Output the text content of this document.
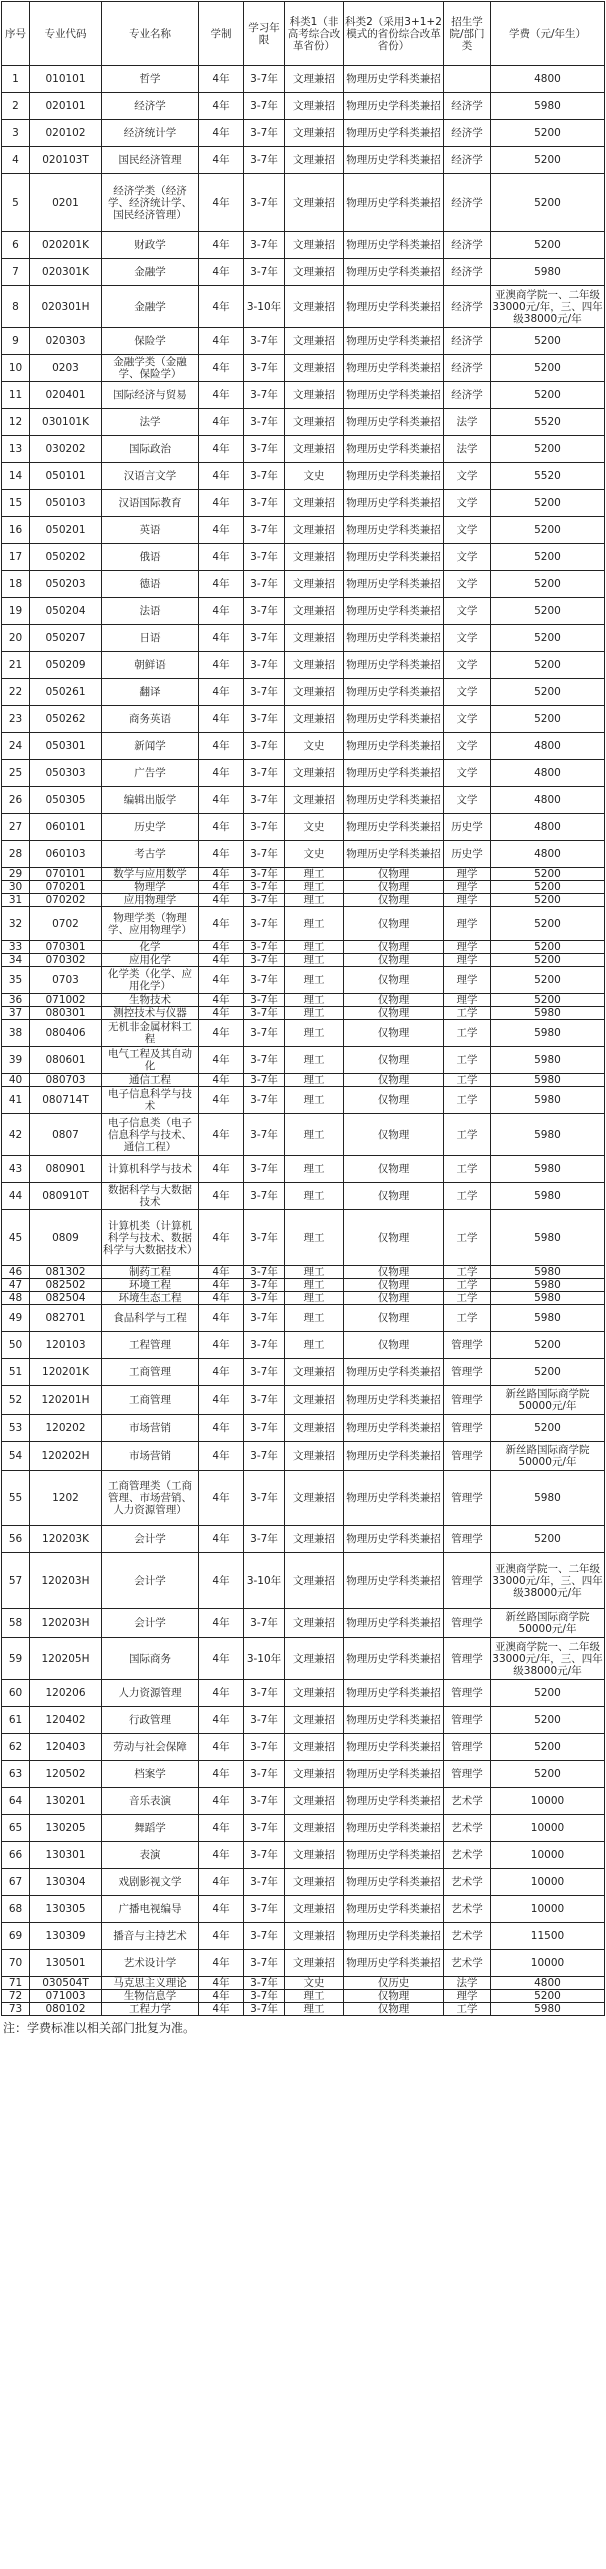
序号	专业代码	专业名称	学制	学习年限	科类1（非高考综合改革省份）	科类2（采用3+1+2模式的省份综合改革省份）	招生学院/部门类	学费（元/年生）
1	010101	哲学	4年	3-7年	文理兼招	物理历史学科类兼招		4800
2	020101	经济学	4年	3-7年	文理兼招	物理历史学科类兼招	经济学	5980
3	020102	经济统计学	4年	3-7年	文理兼招	物理历史学科类兼招	经济学	5200
4	020103T	国民经济管理	4年	3-7年	文理兼招	物理历史学科类兼招	经济学	5200
5	0201	经济学类（经济学、经济统计学、国民经济管理）	4年	3-7年	文理兼招	物理历史学科类兼招	经济学	5200
6	020201K	财政学	4年	3-7年	文理兼招	物理历史学科类兼招	经济学	5200
7	020301K	金融学	4年	3-7年	文理兼招	物理历史学科类兼招	经济学	5980
8	020301H	金融学	4年	3-10年	文理兼招	物理历史学科类兼招	经济学	亚澳商学院一、二年级33000元/年，三、四年级38000元/年
9	020303	保险学	4年	3-7年	文理兼招	物理历史学科类兼招	经济学	5200
10	0203	金融学类（金融学、保险学）	4年	3-7年	文理兼招	物理历史学科类兼招	经济学	5200
11	020401	国际经济与贸易	4年	3-7年	文理兼招	物理历史学科类兼招	经济学	5200
12	030101K	法学	4年	3-7年	文理兼招	物理历史学科类兼招	法学	5520
13	030202	国际政治	4年	3-7年	文理兼招	物理历史学科类兼招	法学	5200
14	050101	汉语言文学	4年	3-7年	文史	物理历史学科类兼招	文学	5520
15	050103	汉语国际教育	4年	3-7年	文理兼招	物理历史学科类兼招	文学	5200
16	050201	英语	4年	3-7年	文理兼招	物理历史学科类兼招	文学	5200
17	050202	俄语	4年	3-7年	文理兼招	物理历史学科类兼招	文学	5200
18	050203	德语	4年	3-7年	文理兼招	物理历史学科类兼招	文学	5200
19	050204	法语	4年	3-7年	文理兼招	物理历史学科类兼招	文学	5200
20	050207	日语	4年	3-7年	文理兼招	物理历史学科类兼招	文学	5200
21	050209	朝鲜语	4年	3-7年	文理兼招	物理历史学科类兼招	文学	5200
22	050261	翻译	4年	3-7年	文理兼招	物理历史学科类兼招	文学	5200
23	050262	商务英语	4年	3-7年	文理兼招	物理历史学科类兼招	文学	5200
24	050301	新闻学	4年	3-7年	文史	物理历史学科类兼招	文学	4800
25	050303	广告学	4年	3-7年	文理兼招	物理历史学科类兼招	文学	4800
26	050305	编辑出版学	4年	3-7年	文理兼招	物理历史学科类兼招	文学	4800
27	060101	历史学	4年	3-7年	文史	物理历史学科类兼招	历史学	4800
28	060103	考古学	4年	3-7年	文史	物理历史学科类兼招	历史学	4800
29	070101	数学与应用数学	4年	3-7年	理工	仅物理	理学	5200
30	070201	物理学	4年	3-7年	理工	仅物理	理学	5200
31	070202	应用物理学	4年	3-7年	理工	仅物理	理学	5200
32	0702	物理学类（物理学、应用物理学）	4年	3-7年	理工	仅物理	理学	5200
33	070301	化学	4年	3-7年	理工	仅物理	理学	5200
34	070302	应用化学	4年	3-7年	理工	仅物理	理学	5200
35	0703	化学类（化学、应用化学）	4年	3-7年	理工	仅物理	理学	5200
36	071002	生物技术	4年	3-7年	理工	仅物理	理学	5200
37	080301	测控技术与仪器	4年	3-7年	理工	仅物理	工学	5980
38	080406	无机非金属材料工程	4年	3-7年	理工	仅物理	工学	5980
39	080601	电气工程及其自动化	4年	3-7年	理工	仅物理	工学	5980
40	080703	通信工程	4年	3-7年	理工	仅物理	工学	5980
41	080714T	电子信息科学与技术	4年	3-7年	理工	仅物理	工学	5980
42	0807	电子信息类（电子信息科学与技术、通信工程）	4年	3-7年	理工	仅物理	工学	5980
43	080901	计算机科学与技术	4年	3-7年	理工	仅物理	工学	5980
44	080910T	数据科学与大数据技术	4年	3-7年	理工	仅物理	工学	5980
45	0809	计算机类（计算机科学与技术、数据科学与大数据技术）	4年	3-7年	理工	仅物理	工学	5980
46	081302	制药工程	4年	3-7年	理工	仅物理	工学	5980
47	082502	环境工程	4年	3-7年	理工	仅物理	工学	5980
48	082504	环境生态工程	4年	3-7年	理工	仅物理	工学	5980
49	082701	食品科学与工程	4年	3-7年	理工	仅物理	工学	5980
50	120103	工程管理	4年	3-7年	理工	仅物理	管理学	5200
51	120201K	工商管理	4年	3-7年	文理兼招	物理历史学科类兼招	管理学	5200
52	120201H	工商管理	4年	3-7年	文理兼招	物理历史学科类兼招	管理学	新丝路国际商学院50000元/年
53	120202	市场营销	4年	3-7年	文理兼招	物理历史学科类兼招	管理学	5200
54	120202H	市场营销	4年	3-7年	文理兼招	物理历史学科类兼招	管理学	新丝路国际商学院50000元/年
55	1202	工商管理类（工商管理、市场营销、人力资源管理）	4年	3-7年	文理兼招	物理历史学科类兼招	管理学	5980
56	120203K	会计学	4年	3-7年	文理兼招	物理历史学科类兼招	管理学	5200
57	120203H	会计学	4年	3-10年	文理兼招	物理历史学科类兼招	管理学	亚澳商学院一、二年级33000元/年，三、四年级38000元/年
58	120203H	会计学	4年	3-7年	文理兼招	物理历史学科类兼招	管理学	新丝路国际商学院50000元/年
59	120205H	国际商务	4年	3-10年	文理兼招	物理历史学科类兼招	管理学	亚澳商学院一、二年级33000元/年，三、四年级38000元/年
60	120206	人力资源管理	4年	3-7年	文理兼招	物理历史学科类兼招	管理学	5200
61	120402	行政管理	4年	3-7年	文理兼招	物理历史学科类兼招	管理学	5200
62	120403	劳动与社会保障	4年	3-7年	文理兼招	物理历史学科类兼招	管理学	5200
63	120502	档案学	4年	3-7年	文理兼招	物理历史学科类兼招	管理学	5200
64	130201	音乐表演	4年	3-7年	文理兼招	物理历史学科类兼招	艺术学	10000
65	130205	舞蹈学	4年	3-7年	文理兼招	物理历史学科类兼招	艺术学	10000
66	130301	表演	4年	3-7年	文理兼招	物理历史学科类兼招	艺术学	10000
67	130304	戏剧影视文学	4年	3-7年	文理兼招	物理历史学科类兼招	艺术学	10000
68	130305	广播电视编导	4年	3-7年	文理兼招	物理历史学科类兼招	艺术学	10000
69	130309	播音与主持艺术	4年	3-7年	文理兼招	物理历史学科类兼招	艺术学	11500
70	130501	艺术设计学	4年	3-7年	文理兼招	物理历史学科类兼招	艺术学	10000
71	030504T	马克思主义理论	4年	3-7年	文史	仅历史	法学	4800
72	071003	生物信息学	4年	3-7年	理工	仅物理	理学	5200
73	080102	工程力学	4年	3-7年	理工	仅物理	工学	5980
注：学费标准以相关部门批复为准。
